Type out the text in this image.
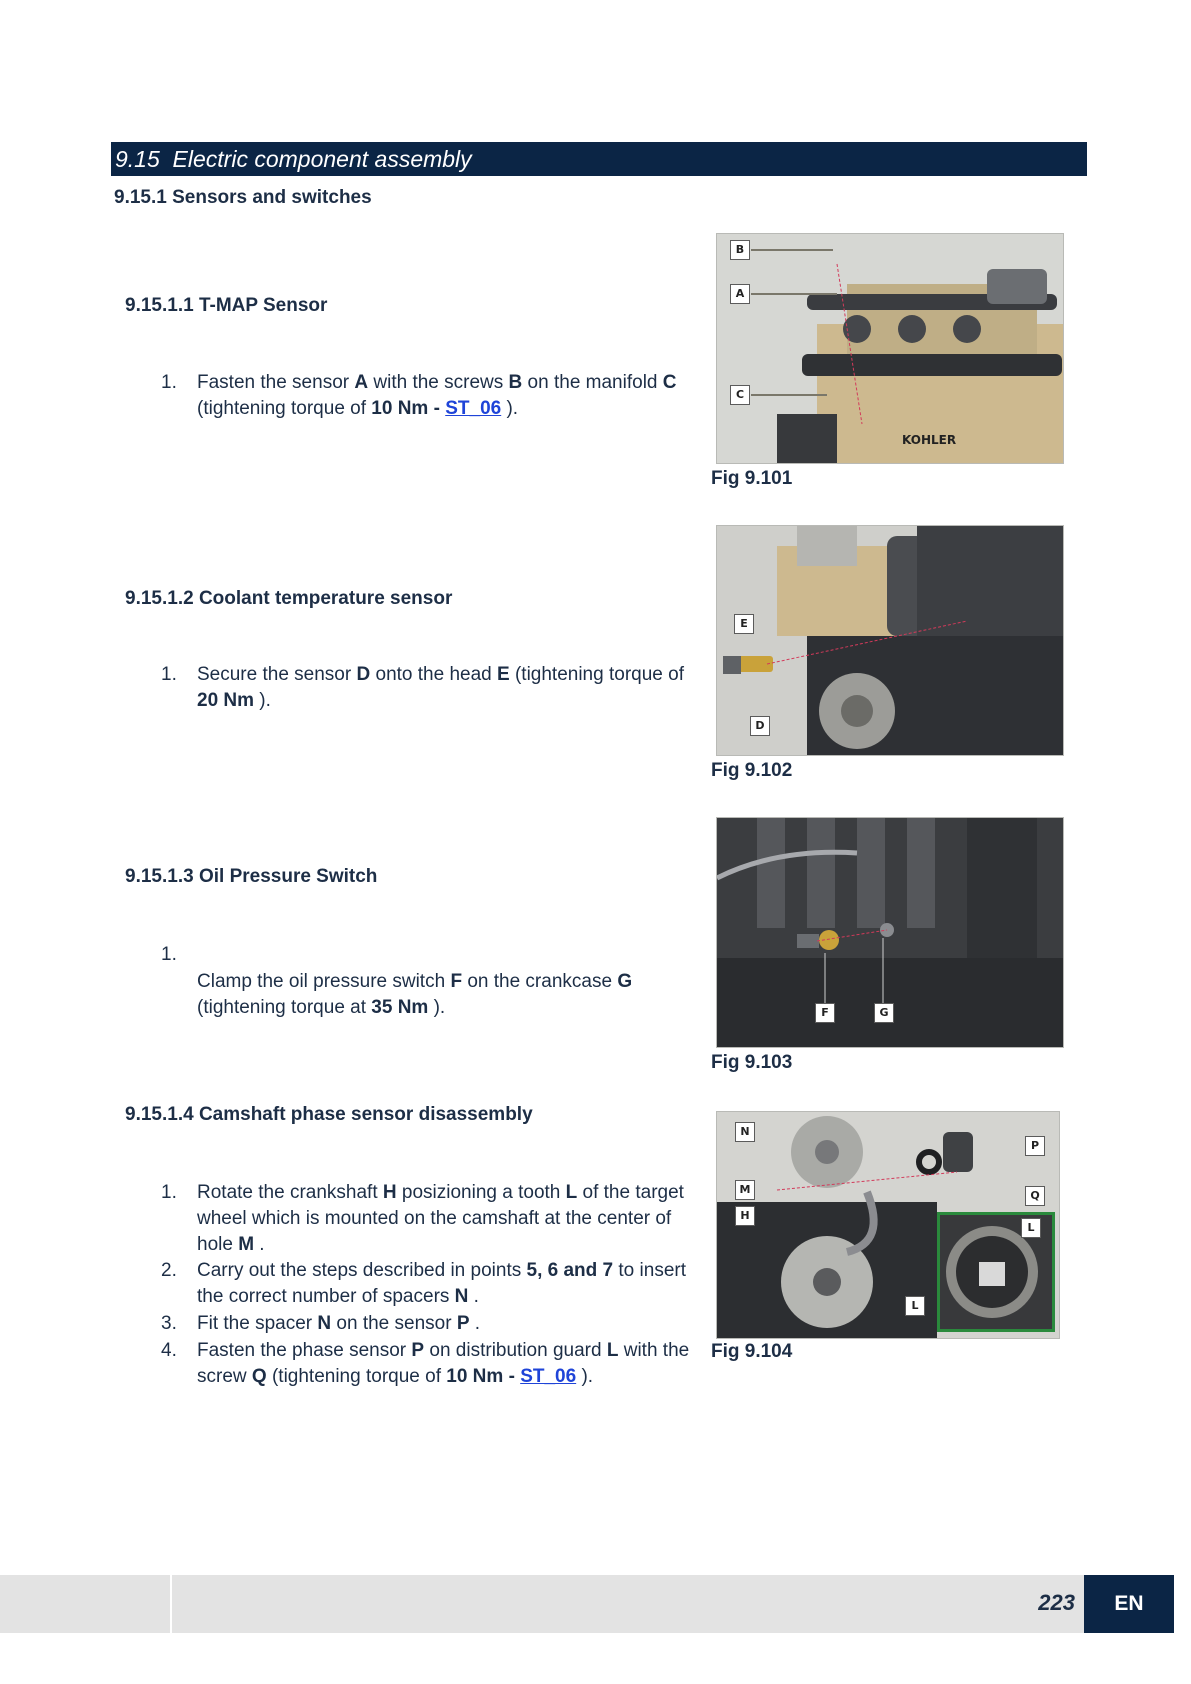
9.15 Electric component assembly
9.15.1 Sensors and switches
9.15.1.1 T-MAP Sensor
1. Fasten the sensor A with the screws B on the manifold C (tightening torque of 10 Nm - ST_06 ).
KOHLER
B
A
C
Fig 9.101
9.15.1.2 Coolant temperature sensor
1. Secure the sensor D onto the head E (tightening torque of 20 Nm ).
E
D
Fig 9.102
9.15.1.3 Oil Pressure Switch
1.
Clamp the oil pressure switch F on the crankcase G (tightening torque at 35 Nm ).	F	G
Fig 9.103
9.15.1.4 Camshaft phase sensor disassembly
1. Rotate the crankshaft H posizioning a tooth L of the target wheel which is mounted on the camshaft at the center of hole M .
2. Carry out the steps described in points 5, 6 and 7 to insert the correct number of spacers N .
3. Fit the spacer N on the sensor P .
4. Fasten the phase sensor P on distribution guard L with the screw Q (tightening torque of 10 Nm - ST_06 ).
N
M
H
P
Q
L
L
Fig 9.104
223	EN
